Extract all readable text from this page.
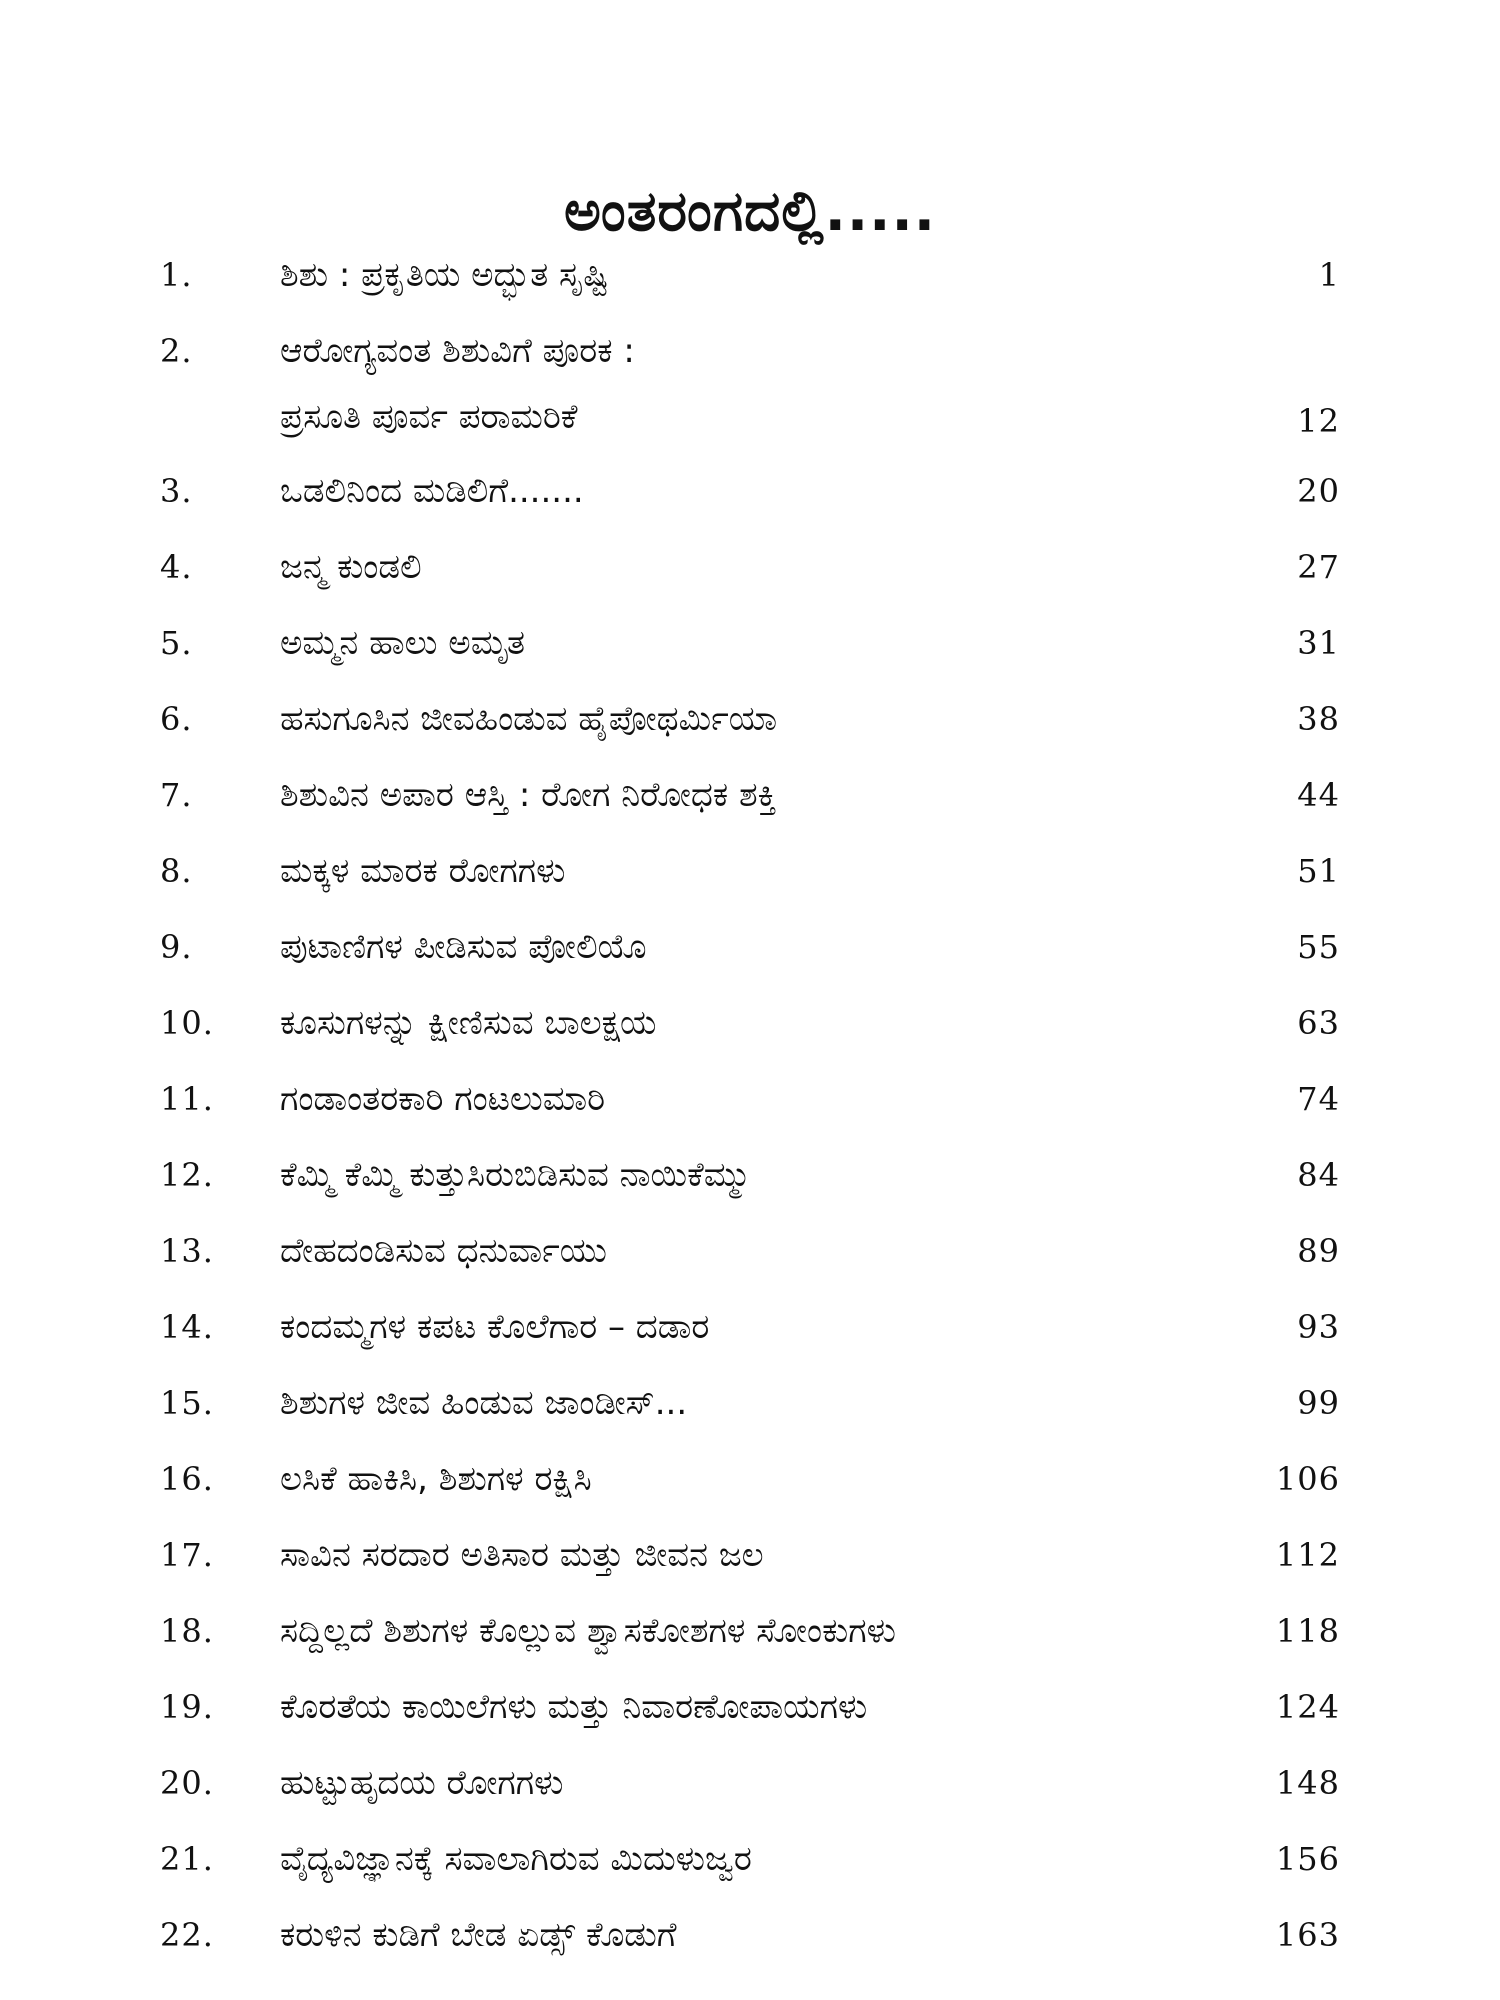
ಅಂತರಂಗದಲ್ಲಿ.....
1.	ಶಿಶು : ಪ್ರಕೃತಿಯ ಅದ್ಭುತ ಸೃಷ್ಟಿ	1
2.	ಆರೋಗ್ಯವಂತ ಶಿಶುವಿಗೆ ಪೂರಕ :
ಪ್ರಸೂತಿ ಪೂರ್ವ ಪರಾಮರಿಕೆ	12
3.	ಒಡಲಿನಿಂದ ಮಡಿಲಿಗೆ.......	20
4.	ಜನ್ಮ ಕುಂಡಲಿ	27
5.	ಅಮ್ಮನ ಹಾಲು ಅಮೃತ	31
6.	ಹಸುಗೂಸಿನ ಜೀವಹಿಂಡುವ ಹೈಪೋಥರ್ಮಿಯಾ	38
7.	ಶಿಶುವಿನ ಅಪಾರ ಆಸ್ತಿ : ರೋಗ ನಿರೋಧಕ ಶಕ್ತಿ	44
8.	ಮಕ್ಕಳ ಮಾರಕ ರೋಗಗಳು	51
9.	ಪುಟಾಣಿಗಳ ಪೀಡಿಸುವ ಪೋಲಿಯೊ	55
10.	ಕೂಸುಗಳನ್ನು ಕ್ಷೀಣಿಸುವ ಬಾಲಕ್ಷಯ	63
11.	ಗಂಡಾಂತರಕಾರಿ ಗಂಟಲುಮಾರಿ	74
12.	ಕೆಮ್ಮಿ ಕೆಮ್ಮಿ ಕುತ್ತುಸಿರುಬಿಡಿಸುವ ನಾಯಿಕೆಮ್ಮು	84
13.	ದೇಹದಂಡಿಸುವ ಧನುರ್ವಾಯು	89
14.	ಕಂದಮ್ಮಗಳ ಕಪಟ ಕೊಲೆಗಾರ – ದಡಾರ	93
15.	ಶಿಶುಗಳ ಜೀವ ಹಿಂಡುವ ಜಾಂಡೀಸ್...	99
16.	ಲಸಿಕೆ ಹಾಕಿಸಿ, ಶಿಶುಗಳ ರಕ್ಷಿಸಿ	106
17.	ಸಾವಿನ ಸರದಾರ ಅತಿಸಾರ ಮತ್ತು ಜೀವನ ಜಲ	112
18.	ಸದ್ದಿಲ್ಲದೆ ಶಿಶುಗಳ ಕೊಲ್ಲುವ ಶ್ವಾಸಕೋಶಗಳ ಸೋಂಕುಗಳು	118
19.	ಕೊರತೆಯ ಕಾಯಿಲೆಗಳು ಮತ್ತು ನಿವಾರಣೋಪಾಯಗಳು	124
20.	ಹುಟ್ಟುಹೃದಯ ರೋಗಗಳು	148
21.	ವೈದ್ಯವಿಜ್ಞಾನಕ್ಕೆ ಸವಾಲಾಗಿರುವ ಮಿದುಳುಜ್ವರ	156
22.	ಕರುಳಿನ ಕುಡಿಗೆ ಬೇಡ ಏಡ್ಸ್ ಕೊಡುಗೆ	163
